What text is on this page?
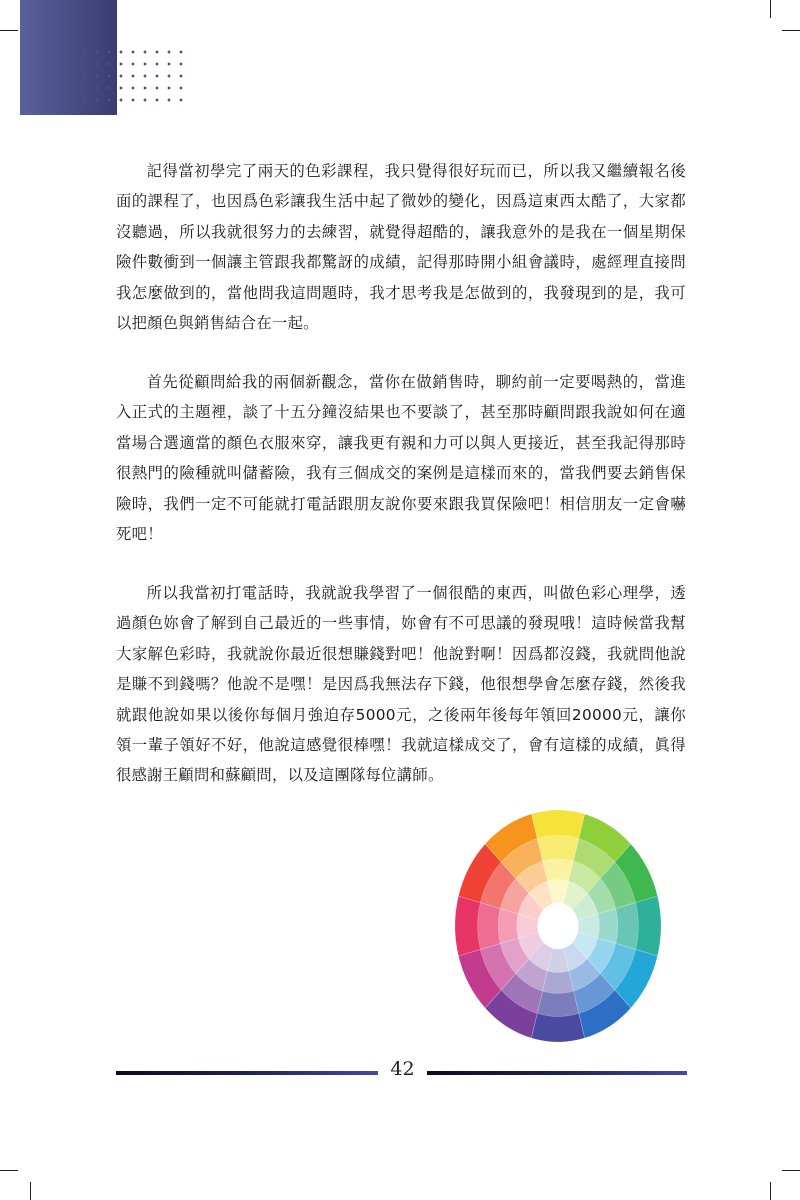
記得當初學完了兩天的色彩課程，我只覺得很好玩而已，所以我又繼續報名後面的課程了，也因爲色彩讓我生活中起了微妙的變化，因爲這東西太酷了，大家都沒聽過，所以我就很努力的去練習，就覺得超酷的，讓我意外的是我在一個星期保險件數衝到一個讓主管跟我都驚訝的成績，記得那時開小組會議時，處經理直接問我怎麼做到的，當他問我這問題時，我才思考我是怎做到的，我發現到的是，我可以把顏色與銷售結合在一起。

首先從顧問給我的兩個新觀念，當你在做銷售時，聊約前一定要喝熱的，當進入正式的主題裡，談了十五分鐘沒結果也不要談了，甚至那時顧問跟我說如何在適當場合選適當的顏色衣服來穿，讓我更有親和力可以與人更接近，甚至我記得那時很熱門的險種就叫儲蓄險，我有三個成交的案例是這樣而來的，當我們要去銷售保險時，我們一定不可能就打電話跟朋友說你要來跟我買保險吧！相信朋友一定會嚇死吧！

所以我當初打電話時，我就說我學習了一個很酷的東西，叫做色彩心理學，透過顏色妳會了解到自己最近的一些事情，妳會有不可思議的發現哦！這時候當我幫大家解色彩時，我就說你最近很想賺錢對吧！他說對啊！因爲都沒錢，我就問他說是賺不到錢嗎？他說不是嘿！是因爲我無法存下錢，他很想學會怎麼存錢，然後我就跟他說如果以後你每個月強迫存5000元，之後兩年後每年領回20000元，讓你領一輩子領好不好，他說這感覺很棒嘿！我就這樣成交了，會有這樣的成績，眞得很感謝王顧問和蘇顧問，以及這團隊每位講師。

42
